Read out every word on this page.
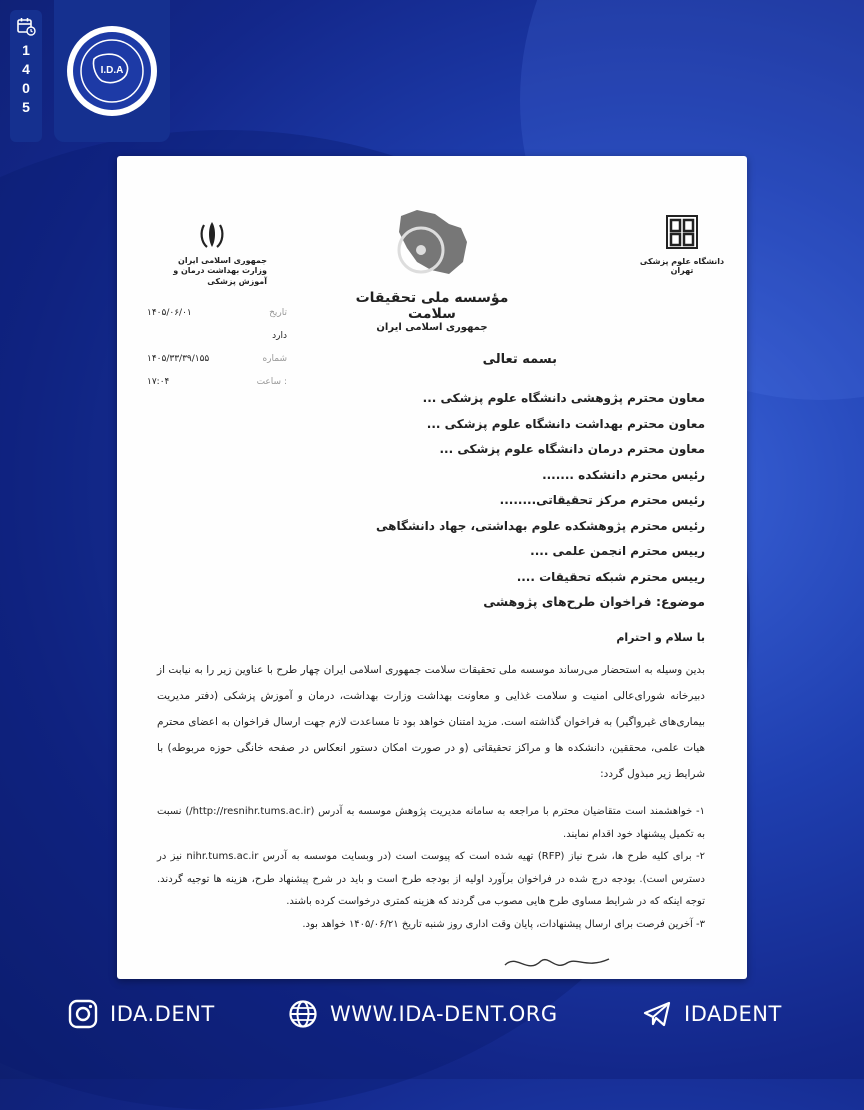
1
4
0
5
I.D.A
جمهوری اسلامی ایران
وزارت بهداشت درمان و آموزش پزشکی
مؤسسه ملی تحقیقات سلامت
جمهوری اسلامی ایران
دانشگاه علوم پزشکی تهران
۱۴۰۵/۰۶/۰۱	تاریخ
دارد
۱۴۰۵/۳۳/۳۹/۱۵۵	شماره
۱۷:۰۴	ساعت :
بسمه تعالی
معاون محترم پژوهشی دانشگاه علوم پزشکی ...
معاون محترم بهداشت دانشگاه علوم پزشکی ...
معاون محترم درمان دانشگاه علوم پزشکی ...
رئیس محترم دانشکده .......
رئیس محترم مرکز تحقیقاتی........
رئیس محترم پژوهشکده علوم بهداشتی، جهاد دانشگاهی
رییس محترم انجمن علمی ....
رییس محترم شبکه تحقیقات ....
موضوع: فراخوان طرح‌های پژوهشی
با سلام و احترام
بدین وسیله به استحضار می‌رساند موسسه ملی تحقیقات سلامت جمهوری اسلامی ایران چهار طرح با عناوین زیر را به نیابت از دبیرخانه شورای‌عالی امنیت و سلامت غذایی و معاونت بهداشت وزارت بهداشت، درمان و آموزش پزشکی (دفتر مدیریت بیماری‌های غیرواگیر) به فراخوان گذاشته است. مزید امتنان خواهد بود تا مساعدت لازم جهت ارسال فراخوان به اعضای محترم هیات علمی، محققین، دانشکده ها و مراکز تحقیقاتی (و در صورت امکان دستور انعکاس در صفحه خانگی حوزه مربوطه) با شرایط زیر مبذول گردد:

۱- خواهشمند است متقاضیان محترم با مراجعه به سامانه مدیریت پژوهش موسسه به آدرس (http://resnihr.tums.ac.ir/) نسبت به تکمیل پیشنهاد خود اقدام نمایند.

۲- برای کلیه طرح ها، شرح نیاز (RFP) تهیه شده است که پیوست است (در وبسایت موسسه به آدرس nihr.tums.ac.ir نیز در دسترس است). بودجه درج شده در فراخوان برآورد اولیه از بودجه طرح است و باید در شرح پیشنهاد طرح، هزینه ها توجیه گردند. توجه اینکه که در شرایط مساوی طرح هایی مصوب می گردند که هزینه کمتری درخواست کرده باشند.

۳- آخرین فرصت برای ارسال پیشنهادات، پایان وقت اداری روز شنبه تاریخ ۱۴۰۵/۰۶/۲۱ خواهد بود.

IDA.DENT	WWW.IDA-DENT.ORG	IDADENT
